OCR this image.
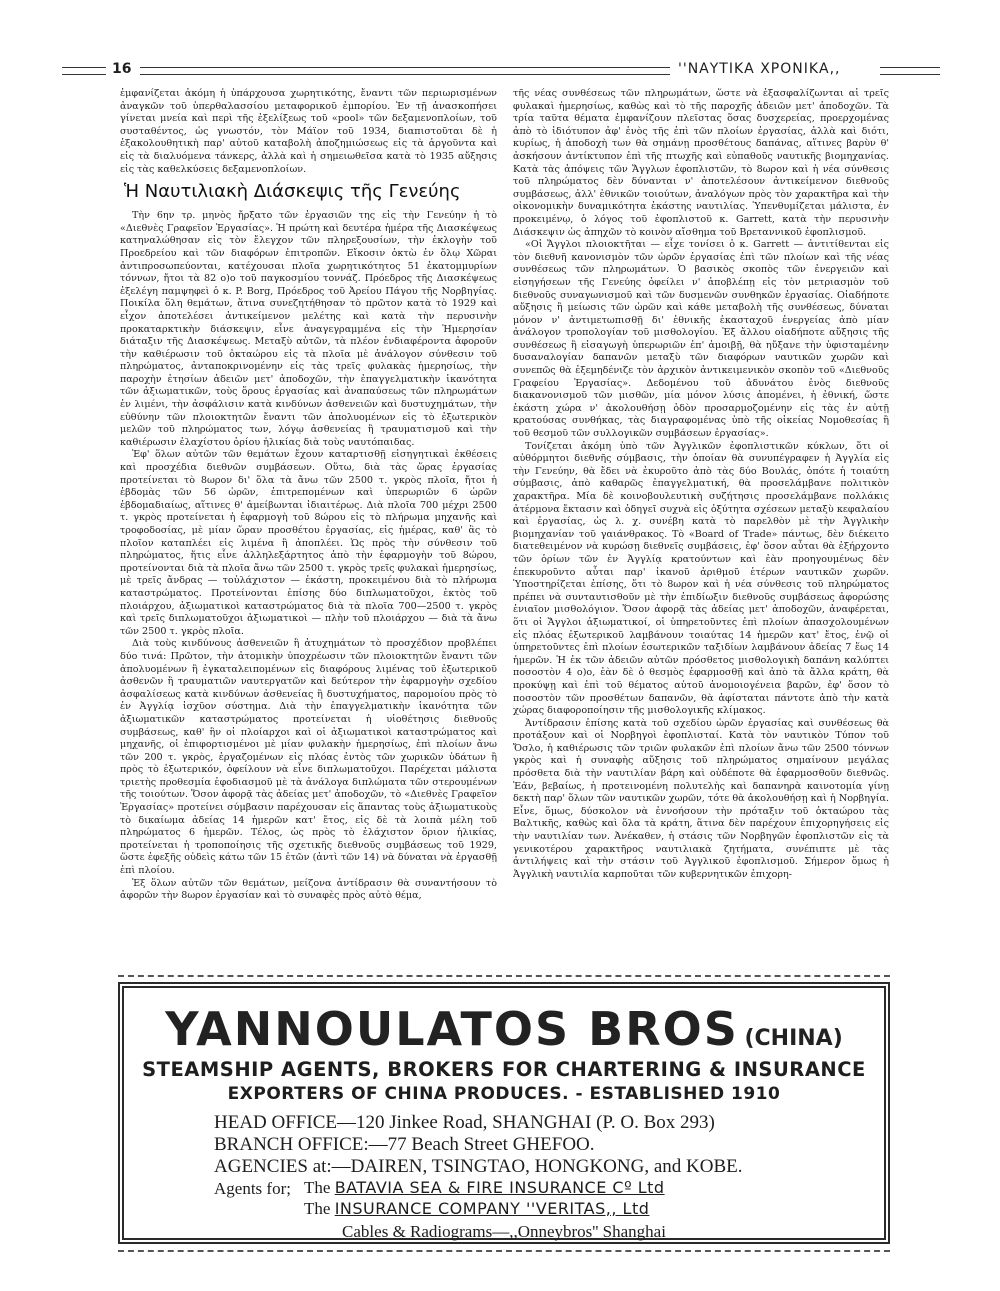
16	''ΝΑΥΤΙΚΑ ΧΡΟΝΙΚΑ,,

ἐμφανίζεται ἀκόμη ἡ ὑπάρχουσα χωρητικότης, ἔναντι τῶν περιωρισμένων ἀναγκῶν τοῦ ὑπερθαλασσίου μεταφορικοῦ ἐμπορίου. Ἐν τῇ ἀνασκοπήσει γίνεται μνεία καὶ περὶ τῆς ἐξελίξεως τοῦ «pool» τῶν δεξαμενοπλοίων, τοῦ συσταθέντος, ὡς γνωστόν, τὸν Μάϊον τοῦ 1934, διαπιστοῦται δὲ ἡ ἐξακολουθητικὴ παρ' αὐτοῦ καταβολὴ ἀποζημιώσεως εἰς τὰ ἀργοῦντα καὶ εἰς τὰ διαλυόμενα τάνκερς, ἀλλὰ καὶ ἡ σημειωθεῖσα κατὰ τὸ 1935 αὔξησις εἰς τὰς καθελκύσεις δεξαμενοπλοίων.

Ἡ Ναυτιλιακὴ Διάσκεψις τῆς Γενεύης

Τὴν 6ην τρ. μηνὸς ἤρξατο τῶν ἐργασιῶν της εἰς τὴν Γενεύην ἡ τὸ «Διεθνὲς Γραφεῖον Ἐργασίας». Ἡ πρώτη καὶ δευτέρα ἡμέρα τῆς Διασκέψεως κατηναλώθησαν εἰς τὸν ἔλεγχον τῶν πληρεξουσίων, τὴν ἐκλογὴν τοῦ Προεδρείου καὶ τῶν διαφόρων ἐπιτροπῶν. Εἴκοσιν ὀκτὼ ἐν ὅλῳ Χῶραι ἀντιπροσωπεύονται, κατέχουσαι πλοῖα χωρητικότητος 51 ἑκατομμυρίων τόννων, ἤτοι τὰ 82 ο)ο τοῦ παγκοσμίου τοννάζ. Πρόεδρος τῆς Διασκέψεως ἐξελέγη παμψηφεὶ ὁ κ. P. Borg, Πρόεδρος τοῦ Ἀρείου Πάγου τῆς Νορβηγίας. Ποικίλα ὅλη θεμάτων, ἅτινα συνεζητήθησαν τὸ πρῶτον κατὰ τὸ 1929 καὶ εἶχον ἀποτελέσει ἀντικείμενον μελέτης καὶ κατὰ τὴν περυσινὴν προκαταρκτικὴν διάσκεψιν, εἶνε ἀναγεγραμμένα εἰς τὴν Ἡμερησίαν διάταξιν τῆς Διασκέψεως. Μεταξὺ αὐτῶν, τὰ πλέον ἐνδιαφέροντα ἀφοροῦν τὴν καθιέρωσιν τοῦ ὀκταώρου εἰς τὰ πλοῖα μὲ ἀνάλογον σύνθεσιν τοῦ πληρώματος, ἀνταποκρινομένην εἰς τὰς τρεῖς φυλακὰς ἡμερησίως, τὴν παροχὴν ἐτησίων ἀδειῶν μετ' ἀποδοχῶν, τὴν ἐπαγγελματικὴν ἱκανότητα τῶν ἀξιωματικῶν, τοὺς ὅρους ἐργασίας καὶ ἀναπαύσεως τῶν πληρωμάτων ἐν λιμένι, τὴν ἀσφάλισιν κατὰ κινδύνων ἀσθενειῶν καὶ δυστυχημάτων, τὴν εὐθύνην τῶν πλοιοκτητῶν ἔναντι τῶν ἀπολυομένων εἰς τὸ ἐξωτερικὸν μελῶν τοῦ πληρώματος των, λόγῳ ἀσθενείας ἢ τραυματισμοῦ καὶ τὴν καθιέρωσιν ἐλαχίστου ὁρίου ἡλικίας διὰ τοὺς ναυτόπαιδας.

Ἐφ' ὅλων αὐτῶν τῶν θεμάτων ἔχουν καταρτισθῇ εἰσηγητικαὶ ἐκθέσεις καὶ προσχέδια διεθνῶν συμβάσεων. Οὕτω, διὰ τὰς ὥρας ἐργασίας προτείνεται τὸ 8ωρον δι' ὅλα τὰ ἄνω τῶν 2500 τ. γκρὸς πλοῖα, ἤτοι ἡ ἑβδομὰς τῶν 56 ὡρῶν, ἐπιτρεπομένων καὶ ὑπερωριῶν 6 ὡρῶν ἑβδομαδιαίως, αἵτινες θ' ἀμείβωνται ἰδιαιτέρως. Διὰ πλοῖα 700 μέχρι 2500 τ. γκρὸς προτείνεται ἡ ἐφαρμογὴ τοῦ 8ώρου εἰς τὸ πλήρωμα μηχανῆς καὶ τροφοδοσίας, μὲ μίαν ὥραν προσθέτου ἐργασίας, εἰς ἡμέρας, καθ' ἃς τὸ πλοῖον καταπλέει εἰς λιμένα ἢ ἀποπλέει. Ὡς πρὸς τὴν σύνθεσιν τοῦ πληρώματος, ἥτις εἶνε ἀλληλεξάρτητος ἀπὸ τὴν ἐφαρμογὴν τοῦ 8ώρου, προτείνονται διὰ τὰ πλοῖα ἄνω τῶν 2500 τ. γκρὸς τρεῖς φυλακαὶ ἡμερησίως, μὲ τρεῖς ἄνδρας — τοὐλάχιστον — ἑκάστη, προκειμένου διὰ τὸ πλήρωμα καταστρώματος. Προτείνονται ἐπίσης δύο διπλωματοῦχοι, ἐκτὸς τοῦ πλοιάρχου, ἀξιωματικοὶ καταστρώματος διὰ τὰ πλοῖα 700—2500 τ. γκρὸς καὶ τρεῖς διπλωματοῦχοι ἀξιωματικοὶ — πλὴν τοῦ πλοιάρχου — διὰ τὰ ἄνω τῶν 2500 τ. γκρὸς πλοῖα.

Διὰ τοὺς κινδύνους ἀσθενειῶν ἢ ἀτυχημάτων τὸ προσχέδιον προβλέπει δύο τινά: Πρῶτον, τὴν ἀτομικὴν ὑποχρέωσιν τῶν πλοιοκτητῶν ἔναντι τῶν ἀπολυομένων ἢ ἐγκαταλειπομένων εἰς διαφόρους λιμένας τοῦ ἐξωτερικοῦ ἀσθενῶν ἢ τραυματιῶν ναυτεργατῶν καὶ δεύτερον τὴν ἐφαρμογὴν σχεδίου ἀσφαλίσεως κατὰ κινδύνων ἀσθενείας ἢ δυστυχήματος, παρομοίου πρὸς τὸ ἐν Ἀγγλίᾳ ἰσχῦον σύστημα. Διὰ τὴν ἐπαγγελματικὴν ἱκανότητα τῶν ἀξιωματικῶν καταστρώματος προτείνεται ἡ υἱοθέτησις διεθνοῦς συμβάσεως, καθ' ἣν οἱ πλοίαρχοι καὶ οἱ ἀξιωματικοὶ καταστρώματος καὶ μηχανῆς, οἱ ἐπιφορτισμένοι μὲ μίαν φυλακὴν ἡμερησίως, ἐπὶ πλοίων ἄνω τῶν 200 τ. γκρὸς, ἐργαζομένων εἰς πλόας ἐντὸς τῶν χωρικῶν ὑδάτων ἢ πρὸς τὸ ἐξωτερικόν, ὀφείλουν νὰ εἶνε διπλωματοῦχοι. Παρέχεται μάλιστα τριετὴς προθεσμία ἐφοδιασμοῦ μὲ τὰ ἀνάλογα διπλώματα τῶν στερουμένων τῆς τοιούτων. Ὅσον ἀφορᾷ τὰς ἀδείας μετ' ἀποδοχῶν, τὸ «Διεθνὲς Γραφεῖον Ἐργασίας» προτείνει σύμβασιν παρέχουσαν εἰς ἅπαντας τοὺς ἀξιωματικοὺς τὸ δικαίωμα ἀδείας 14 ἡμερῶν κατ' ἔτος, εἰς δὲ τὰ λοιπὰ μέλη τοῦ πληρώματος 6 ἡμερῶν. Τέλος, ὡς πρὸς τὸ ἐλάχιστον ὅριον ἡλικίας, προτείνεται ἡ τροποποίησις τῆς σχετικῆς διεθνοῦς συμβάσεως τοῦ 1929, ὥστε ἐφεξῆς οὐδεὶς κάτω τῶν 15 ἐτῶν (ἀντὶ τῶν 14) νὰ δύναται νὰ ἐργασθῇ ἐπὶ πλοίου.

Ἐξ ὅλων αὐτῶν τῶν θεμάτων, μείζονα ἀντίδρασιν θὰ συναντήσουν τὸ ἀφορῶν τὴν 8ωρον ἐργασίαν καὶ τὸ συναφὲς πρὸς αὐτὸ θέμα,

τῆς νέας συνθέσεως τῶν πληρωμάτων, ὥστε νὰ ἐξασφαλίζωνται αἱ τρεῖς φυλακαὶ ἡμερησίως, καθὼς καὶ τὸ τῆς παροχῆς ἀδειῶν μετ' ἀποδοχῶν. Τὰ τρία ταῦτα θέματα ἐμφανίζουν πλεῖστας ὅσας δυσχερείας, προερχομένας ἀπὸ τὸ ἰδιότυπον ἀφ' ἑνὸς τῆς ἐπὶ τῶν πλοίων ἐργασίας, ἀλλὰ καὶ διότι, κυρίως, ἡ ἀποδοχὴ των θὰ σημάνῃ προσθέτους δαπάνας, αἵτινες βαρὺν θ' ἀσκήσουν ἀντίκτυπον ἐπὶ τῆς πτωχῆς καὶ εὐπαθοῦς ναυτικῆς βιομηχανίας. Κατὰ τὰς ἀπόψεις τῶν Ἄγγλων ἐφοπλιστῶν, τὸ 8ωρον καὶ ἡ νέα σύνθεσις τοῦ πληρώματος δὲν δύνανται ν' ἀποτελέσουν ἀντικείμενον διεθνοῦς συμβάσεως, ἀλλ' ἐθνικῶν τοιούτων, ἀναλόγων πρὸς τὸν χαρακτῆρα καὶ τὴν οἰκονομικὴν δυναμικότητα ἑκάστης ναυτιλίας. Ὑπενθυμίζεται μάλιστα, ἐν προκειμένῳ, ὁ λόγος τοῦ ἐφοπλιστοῦ κ. Garrett, κατὰ τὴν περυσινὴν Διάσκεψιν ὡς ἀπηχῶν τὸ κοινὸν αἴσθημα τοῦ Βρεταννικοῦ ἐφοπλισμοῦ.

«Οἱ Ἄγγλοι πλοιοκτῆται — εἶχε τονίσει ὁ κ. Garrett — ἀντιτίθενται εἰς τὸν διεθνῆ κανονισμὸν τῶν ὡρῶν ἐργασίας ἐπὶ τῶν πλοίων καὶ τῆς νέας συνθέσεως τῶν πληρωμάτων. Ὁ βασικὸς σκοπὸς τῶν ἐνεργειῶν καὶ εἰσηγήσεων τῆς Γενεύης ὀφείλει ν' ἀποβλέπῃ εἰς τὸν μετριασμὸν τοῦ διεθνοῦς συναγωνισμοῦ καὶ τῶν δυσμενῶν συνθηκῶν ἐργασίας. Οἱαδήποτε αὔξησις ἢ μείωσις τῶν ὡρῶν καὶ κάθε μεταβολὴ τῆς συνθέσεως, δύναται μόνον ν' ἀντιμετωπισθῇ δι' ἐθνικῆς ἑκασταχοῦ ἐνεργείας ἀπὸ μίαν ἀνάλογον τροπολογίαν τοῦ μισθολογίου. Ἐξ ἄλλου οἱαδήποτε αὔξησις τῆς συνθέσεως ἢ εἰσαγωγὴ ὑπερωριῶν ἐπ' ἀμοιβῇ, θὰ ηὔξανε τὴν ὑφισταμένην δυσαναλογίαν δαπανῶν μεταξὺ τῶν διαφόρων ναυτικῶν χωρῶν καὶ συνεπῶς θὰ ἐξεμηδένιζε τὸν ἀρχικὸν ἀντικειμενικὸν σκοπὸν τοῦ «Διεθνοῦς Γραφείου Ἐργασίας». Δεδομένου τοῦ ἀδυνάτου ἑνὸς διεθνοῦς διακανονισμοῦ τῶν μισθῶν, μία μόνον λύσις ἀπομένει, ἡ ἐθνική, ὥστε ἑκάστη χώρα ν' ἀκολουθήσῃ ὁδὸν προσαρμοζομένην εἰς τὰς ἐν αὐτῇ κρατούσας συνθήκας, τὰς διαγραφομένας ὑπὸ τῆς οἰκείας Νομοθεσίας ἢ τοῦ θεσμοῦ τῶν συλλογικῶν συμβάσεων ἐργασίας».

Τονίζεται ἀκόμη ὑπὸ τῶν Ἀγγλικῶν ἐφοπλιστικῶν κύκλων, ὅτι οἱ αὐθόρμητοι διεθνῆς σύμβασις, τὴν ὁποίαν θὰ συνυπέγραφεν ἡ Ἀγγλία εἰς τὴν Γενεύην, θὰ ἔδει νὰ ἐκυροῦτο ἀπὸ τὰς δύο Βουλάς, ὁπότε ἡ τοιαύτη σύμβασις, ἀπὸ καθαρῶς ἐπαγγελματική, θὰ προσελάμβανε πολιτικὸν χαρακτῆρα. Μία δὲ κοινοβουλευτικὴ συζήτησις προσελάμβανε πολλάκις ἀτέρμονα ἔκτασιν καὶ ὁδηγεῖ συχνὰ εἰς ὀξύτητα σχέσεων μεταξὺ κεφαλαίου καὶ ἐργασίας, ὡς λ. χ. συνέβη κατὰ τὸ παρελθὸν μὲ τὴν Ἀγγλικὴν βιομηχανίαν τοῦ γαιάνθρακος. Τὸ «Board of Trade» πάντως, δὲν διέκειτο διατεθειμένον νὰ κυρώσῃ διεθνεῖς συμβάσεις, ἐφ' ὅσον αὗται θὰ ἐξήρχοντο τῶν ὁρίων τῶν ἐν Ἀγγλίᾳ κρατούντων καὶ ἐὰν προηγουμένως δὲν ἐπεκυροῦντο αὗται παρ' ἱκανοῦ ἀριθμοῦ ἑτέρων ναυτικῶν χωρῶν. Ὑποστηρίζεται ἐπίσης, ὅτι τὸ 8ωρον καὶ ἡ νέα σύνθεσις τοῦ πληρώματος πρέπει νὰ συνταυτισθοῦν μὲ τὴν ἐπιδίωξιν διεθνοῦς συμβάσεως ἀφορώσης ἑνιαῖον μισθολόγιον. Ὅσον ἀφορᾷ τὰς ἀδείας μετ' ἀποδοχῶν, ἀναφέρεται, ὅτι οἱ Ἄγγλοι ἀξιωματικοί, οἱ ὑπηρετοῦντες ἐπὶ πλοίων ἀπασχολουμένων εἰς πλόας ἐξωτερικοῦ λαμβάνουν τοιαύτας 14 ἡμερῶν κατ' ἔτος, ἐνῷ οἱ ὑπηρετοῦντες ἐπὶ πλοίων ἐσωτερικῶν ταξιδίων λαμβάνουν ἀδείας 7 ἕως 14 ἡμερῶν. Ἡ ἐκ τῶν ἀδειῶν αὐτῶν πρόσθετος μισθολογικὴ δαπάνη καλύπτει ποσοστὸν 4 ο)ο, ἐὰν δὲ ὁ θεσμὸς ἐφαρμοσθῇ καὶ ἀπὸ τὰ ἄλλα κράτη, θὰ προκύψῃ καὶ ἐπὶ τοῦ θέματος αὐτοῦ ἀνομοιογένεια βαρῶν, ἐφ' ὅσον τὸ ποσοστὸν τῶν προσθέτων δαπανῶν, θὰ ἀφίσταται πάντοτε ἀπὸ τὴν κατὰ χώρας διαφοροποίησιν τῆς μισθολογικῆς κλίμακος.

Ἀντίδρασιν ἐπίσης κατὰ τοῦ σχεδίου ὡρῶν ἐργασίας καὶ συνθέσεως θὰ προτάξουν καὶ οἱ Νορβηγοὶ ἐφοπλισταί. Κατὰ τὸν ναυτικὸν Τύπον τοῦ Ὄσλο, ἡ καθιέρωσις τῶν τριῶν φυλακῶν ἐπὶ πλοίων ἄνω τῶν 2500 τόννων γκρὸς καὶ ἡ συναφὴς αὔξησις τοῦ πληρώματος σημαίνουν μεγάλας πρόσθετα διὰ τὴν ναυτιλίαν βάρη καὶ οὐδέποτε θὰ ἐφαρμοσθοῦν διεθνῶς. Ἐάν, βεβαίως, ἡ προτεινομένη πολυτελὴς καὶ δαπανηρὰ καινοτομία γίνῃ δεκτὴ παρ' ὅλων τῶν ναυτικῶν χωρῶν, τότε θὰ ἀκολουθήσῃ καὶ ἡ Νορβηγία. Εἶνε, ὅμως, δύσκολον νὰ ἐννοήσουν τὴν πρόταξιν τοῦ ὀκταώρου τὰς Βαλτικῆς, καθὼς καὶ ὅλα τὰ κράτη, ἅτινα δὲν παρέχουν ἐπιχορηγήσεις εἰς τὴν ναυτιλίαν των. Ἀνέκαθεν, ἡ στάσις τῶν Νορβηγῶν ἐφοπλιστῶν εἰς τὰ γενικοτέρου χαρακτῆρος ναυτιλιακὰ ζητήματα, συνέπιπτε μὲ τὰς ἀντιλήψεις καὶ τὴν στάσιν τοῦ Ἀγγλικοῦ ἐφοπλισμοῦ. Σήμερον ὅμως ἡ Ἀγγλικὴ ναυτιλία καρποῦται τῶν κυβερνητικῶν ἐπιχορη-

YANNOULATOS BROS (CHINA)
STEAMSHIP AGENTS, BROKERS FOR CHARTERING & INSURANCE
EXPORTERS OF CHINA PRODUCES. - ESTABLISHED 1910
HEAD OFFICE—120 Jinkee Road, SHANGHAI (P. O. Box 293)
BRANCH OFFICE:—77 Beach Street GHEFOO.
AGENCIES at:—DAIREN, TSINGTAO, HONGKONG, and KOBE.
Agents for; The BATAVIA SEA & FIRE INSURANCE Cº Ltd
The INSURANCE COMPANY ''VERITAS,, Ltd
Cables & Radiograms—,,Onneybros'' Shanghai
